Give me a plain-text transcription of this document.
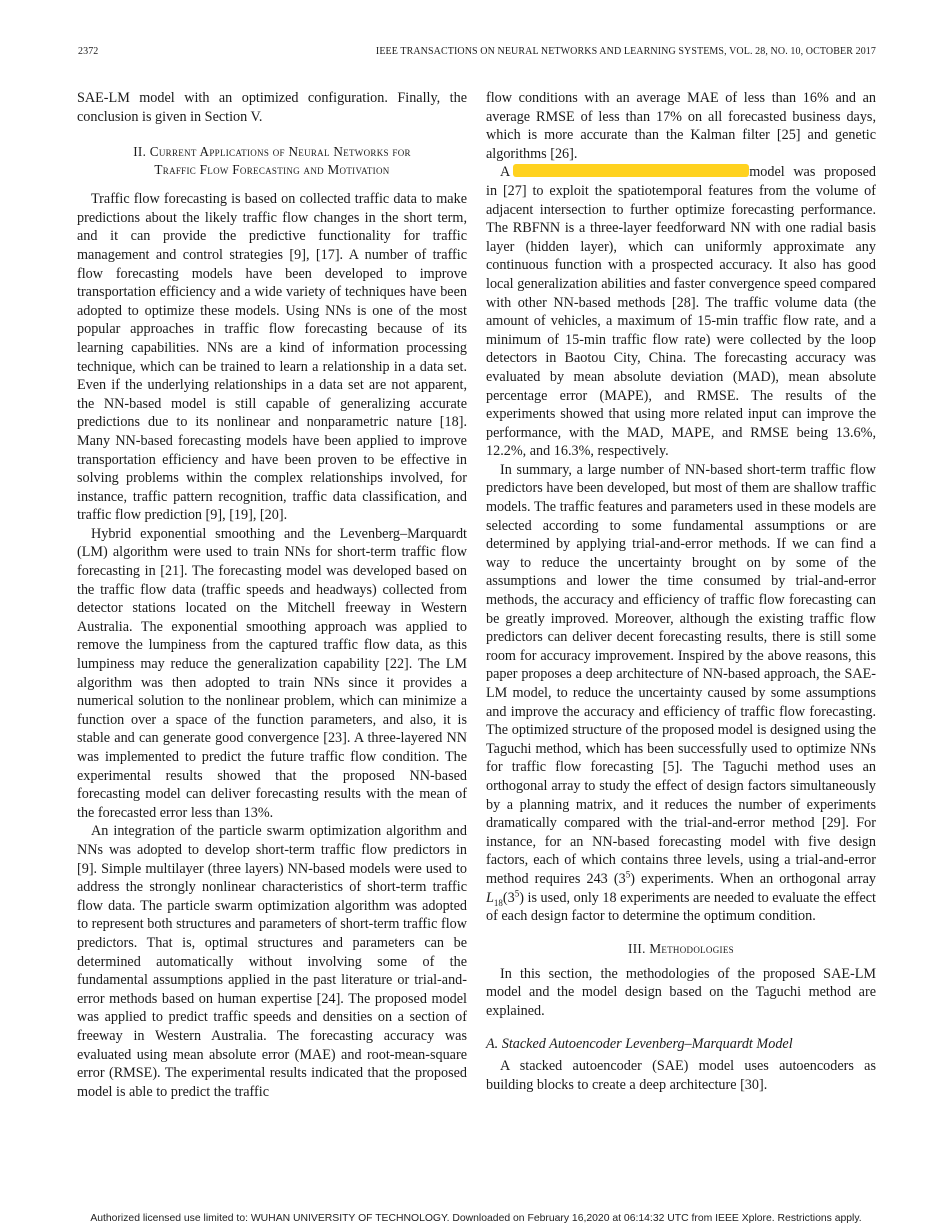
2372	IEEE TRANSACTIONS ON NEURAL NETWORKS AND LEARNING SYSTEMS, VOL. 28, NO. 10, OCTOBER 2017

SAE-LM model with an optimized configuration. Finally, the conclusion is given in Section V.

II. Current Applications of Neural Networks for
Traffic Flow Forecasting and Motivation

Traffic flow forecasting is based on collected traffic data to make predictions about the likely traffic flow changes in the short term, and it can provide the predictive functionality for traffic management and control strategies [9], [17]. A number of traffic flow forecasting models have been developed to improve transportation efficiency and a wide variety of techniques have been adopted to optimize these models. Using NNs is one of the most popular approaches in traffic flow forecasting because of its learning capabilities. NNs are a kind of information processing technique, which can be trained to learn a relationship in a data set. Even if the underlying relationships in a data set are not apparent, the NN-based model is still capable of generalizing accurate predictions due to its nonlinear and nonparametric nature [18]. Many NN-based forecasting models have been applied to improve transportation efficiency and have been proven to be effective in solving problems within the complex relationships involved, for instance, traffic pattern recognition, traffic data classification, and traffic flow prediction [9], [19], [20].

Hybrid exponential smoothing and the Levenberg–Marquardt (LM) algorithm were used to train NNs for short-term traffic flow forecasting in [21]. The forecasting model was developed based on the traffic flow data (traffic speeds and headways) collected from detector stations located on the Mitchell freeway in Western Australia. The exponential smoothing approach was applied to remove the lumpiness from the captured traffic flow data, as this lumpiness may reduce the generalization capability [22]. The LM algorithm was then adopted to train NNs since it provides a numerical solution to the nonlinear problem, which can minimize a function over a space of the function parameters, and also, it is stable and can generate good convergence [23]. A three-layered NN was implemented to predict the future traffic flow condition. The experimental results showed that the proposed NN-based forecasting model can deliver forecasting results with the mean of the forecasted error less than 13%.

An integration of the particle swarm optimization algorithm and NNs was adopted to develop short-term traffic flow predictors in [9]. Simple multilayer (three layers) NN-based models were used to address the strongly nonlinear characteristics of short-term traffic flow data. The particle swarm optimization algorithm was adopted to represent both structures and parameters of short-term traffic flow predictors. That is, optimal structures and parameters can be determined automatically without involving some of the fundamental assumptions applied in the past literature or trial-and-error methods based on human expertise [24]. The proposed model was applied to predict traffic speeds and densities on a section of freeway in Western Australia. The forecasting accuracy was evaluated using mean absolute error (MAE) and root-mean-square error (RMSE). The experimental results indicated that the proposed model is able to predict the traffic

flow conditions with an average MAE of less than 16% and an average RMSE of less than 17% on all forecasted business days, which is more accurate than the Kalman filter [25] and genetic algorithms [26].

A	model was proposed in [27] to exploit the spatiotemporal features from the volume of adjacent intersection to further optimize forecasting performance. The RBFNN is a three-layer feedforward NN with one radial basis layer (hidden layer), which can uniformly approximate any continuous function with a prospected accuracy. It also has good local generalization abilities and faster convergence speed compared with other NN-based methods [28]. The traffic volume data (the amount of vehicles, a maximum of 15-min traffic flow rate, and a minimum of 15-min traffic flow rate) were collected by the loop detectors in Baotou City, China. The forecasting accuracy was evaluated by mean absolute deviation (MAD), mean absolute percentage error (MAPE), and RMSE. The results of the experiments showed that using more related input can improve the performance, with the MAD, MAPE, and RMSE being 13.6%, 12.2%, and 16.3%, respectively.

In summary, a large number of NN-based short-term traffic flow predictors have been developed, but most of them are shallow traffic models. The traffic features and parameters used in these models are selected according to some fundamental assumptions or are determined by applying trial-and-error methods. If we can find a way to reduce the uncertainty brought on by some of the assumptions and lower the time consumed by trial-and-error methods, the accuracy and efficiency of traffic flow forecasting can be greatly improved. Moreover, although the existing traffic flow predictors can deliver decent forecasting results, there is still some room for accuracy improvement. Inspired by the above reasons, this paper proposes a deep architecture of NN-based approach, the SAE-LM model, to reduce the uncertainty caused by some assumptions and improve the accuracy and efficiency of traffic flow forecasting. The optimized structure of the proposed model is designed using the Taguchi method, which has been successfully used to optimize NNs for traffic flow forecasting [5]. The Taguchi method uses an orthogonal array to study the effect of design factors simultaneously by a planning matrix, and it reduces the number of experiments dramatically compared with the trial-and-error method [29]. For instance, for an NN-based forecasting model with five design factors, each of which contains three levels, using a trial-and-error method requires 243 $(3^5)$ experiments. When an orthogonal array $L_{18}(3^5)$ is used, only 18 experiments are needed to evaluate the effect of each design factor to determine the optimum condition.

III. Methodologies

In this section, the methodologies of the proposed SAE-LM model and the model design based on the Taguchi method are explained.

A. Stacked Autoencoder Levenberg–Marquardt Model

A stacked autoencoder (SAE) model uses autoencoders as building blocks to create a deep architecture [30].

Authorized licensed use limited to: WUHAN UNIVERSITY OF TECHNOLOGY. Downloaded on February 16,2020 at 06:14:32 UTC from IEEE Xplore. Restrictions apply.
